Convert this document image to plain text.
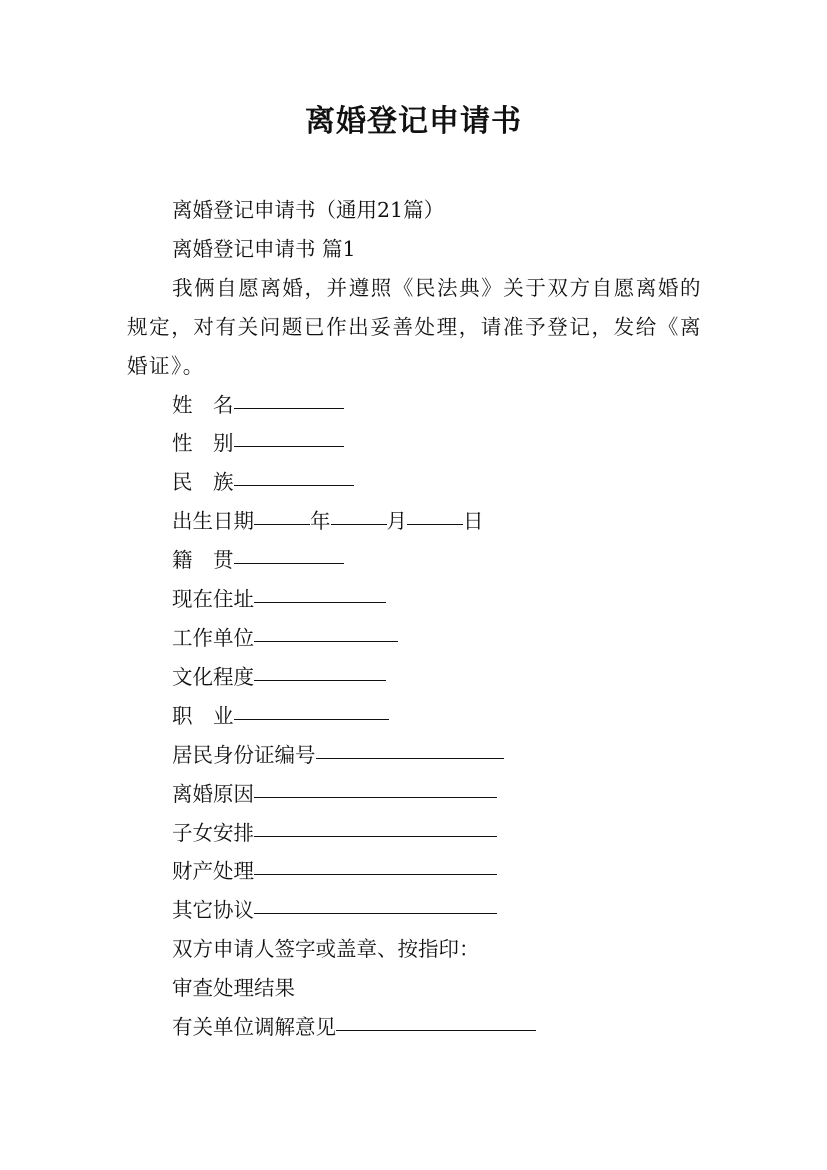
离婚登记申请书
离婚登记申请书（通用21篇）
离婚登记申请书 篇1
我俩自愿离婚，并遵照《民法典》关于双方自愿离婚的规定，对有关问题已作出妥善处理，请准予登记，发给《离婚证》。
姓　名
性　别
民　族
出生日期	年	月	日
籍　贯
现在住址
工作单位
文化程度
职　业
居民身份证编号
离婚原因
子女安排
财产处理
其它协议
双方申请人签字或盖章、按指印：
审查处理结果
有关单位调解意见
